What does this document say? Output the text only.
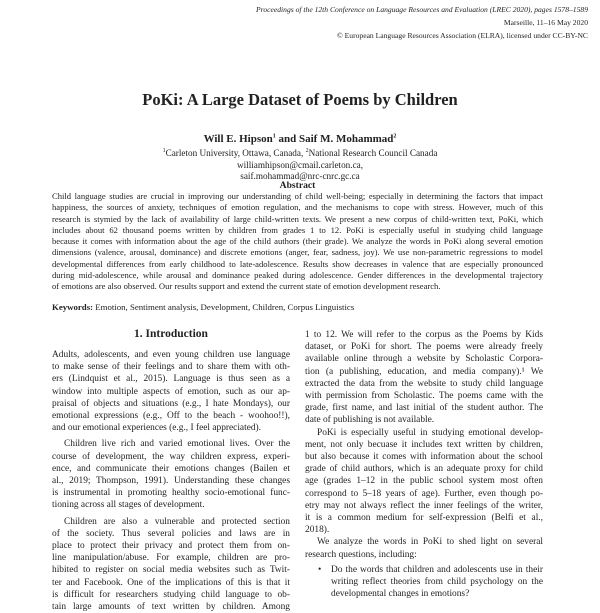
Proceedings of the 12th Conference on Language Resources and Evaluation (LREC 2020), pages 1578–1589
Marseille, 11–16 May 2020
© European Language Resources Association (ELRA), licensed under CC-BY-NC
PoKi: A Large Dataset of Poems by Children
Will E. Hipson$^1$ and Saif M. Mohammad$^2$
$^1$Carleton University, Ottawa, Canada, $^2$National Research Council Canada
williamhipson@cmail.carleton.ca,
saif.mohammad@nrc-cnrc.gc.ca
Abstract
Child language studies are crucial in improving our understanding of child well-being; especially in determining the factors that impact
happiness, the sources of anxiety, techniques of emotion regulation, and the mechanisms to cope with stress. However, much of this
research is stymied by the lack of availability of large child-written texts. We present a new corpus of child-written text, PoKi, which
includes about 62 thousand poems written by children from grades 1 to 12. PoKi is especially useful in studying child language
because it comes with information about the age of the child authors (their grade). We analyze the words in PoKi along several emotion
dimensions (valence, arousal, dominance) and discrete emotions (anger, fear, sadness, joy). We use non-parametric regressions to model
developmental differences from early childhood to late-adolescence. Results show decreases in valence that are especially pronounced
during mid-adolescence, while arousal and dominance peaked during adolescence. Gender differences in the developmental trajectory
of emotions are also observed. Our results support and extend the current state of emotion development research.
Keywords: Emotion, Sentiment analysis, Development, Children, Corpus Linguistics
1. Introduction
Adults, adolescents, and even young children use language
to make sense of their feelings and to share them with oth-
ers (Lindquist et al., 2015). Language is thus seen as a
window into multiple aspects of emotion, such as our ap-
praisal of objects and situations (e.g., I hate Mondays), our
emotional expressions (e.g., Off to the beach - woohoo!!),
and our emotional experiences (e.g., I feel appreciated).
Children live rich and varied emotional lives. Over the
course of development, the way children express, experi-
ence, and communicate their emotions changes (Bailen et
al., 2019; Thompson, 1991). Understanding these changes
is instrumental in promoting healthy socio-emotional func-
tioning across all stages of development.
Children are also a vulnerable and protected section
of the society. Thus several policies and laws are in
place to protect their privacy and protect them from on-
line manipulation/abuse. For example, children are pro-
hibited to register on social media websites such as Twit-
ter and Facebook. One of the implications of this is that it
is difficult for researchers studying child language to ob-
tain large amounts of text written by children. Among
1 to 12. We will refer to the corpus as the Poems by Kids
dataset, or PoKi for short. The poems were already freely
available online through a website by Scholastic Corpora-
tion (a publishing, education, and media company).¹ We
extracted the data from the website to study child language
with permission from Scholastic. The poems came with the
grade, first name, and last initial of the student author. The
date of publishing is not available.
PoKi is especially useful in studying emotional develop-
ment, not only becuase it includes text written by children,
but also because it comes with information about the school
grade of child authors, which is an adequate proxy for child
age (grades 1–12 in the public school system most often
correspond to 5–18 years of age). Further, even though po-
etry may not always reflect the inner feelings of the writer,
it is a common medium for self-expression (Belfi et al.,
2018).
We analyze the words in PoKi to shed light on several
research questions, including:
•	Do the words that children and adolescents use in their
writing reflect theories from child psychology on the
developmental changes in emotions?
